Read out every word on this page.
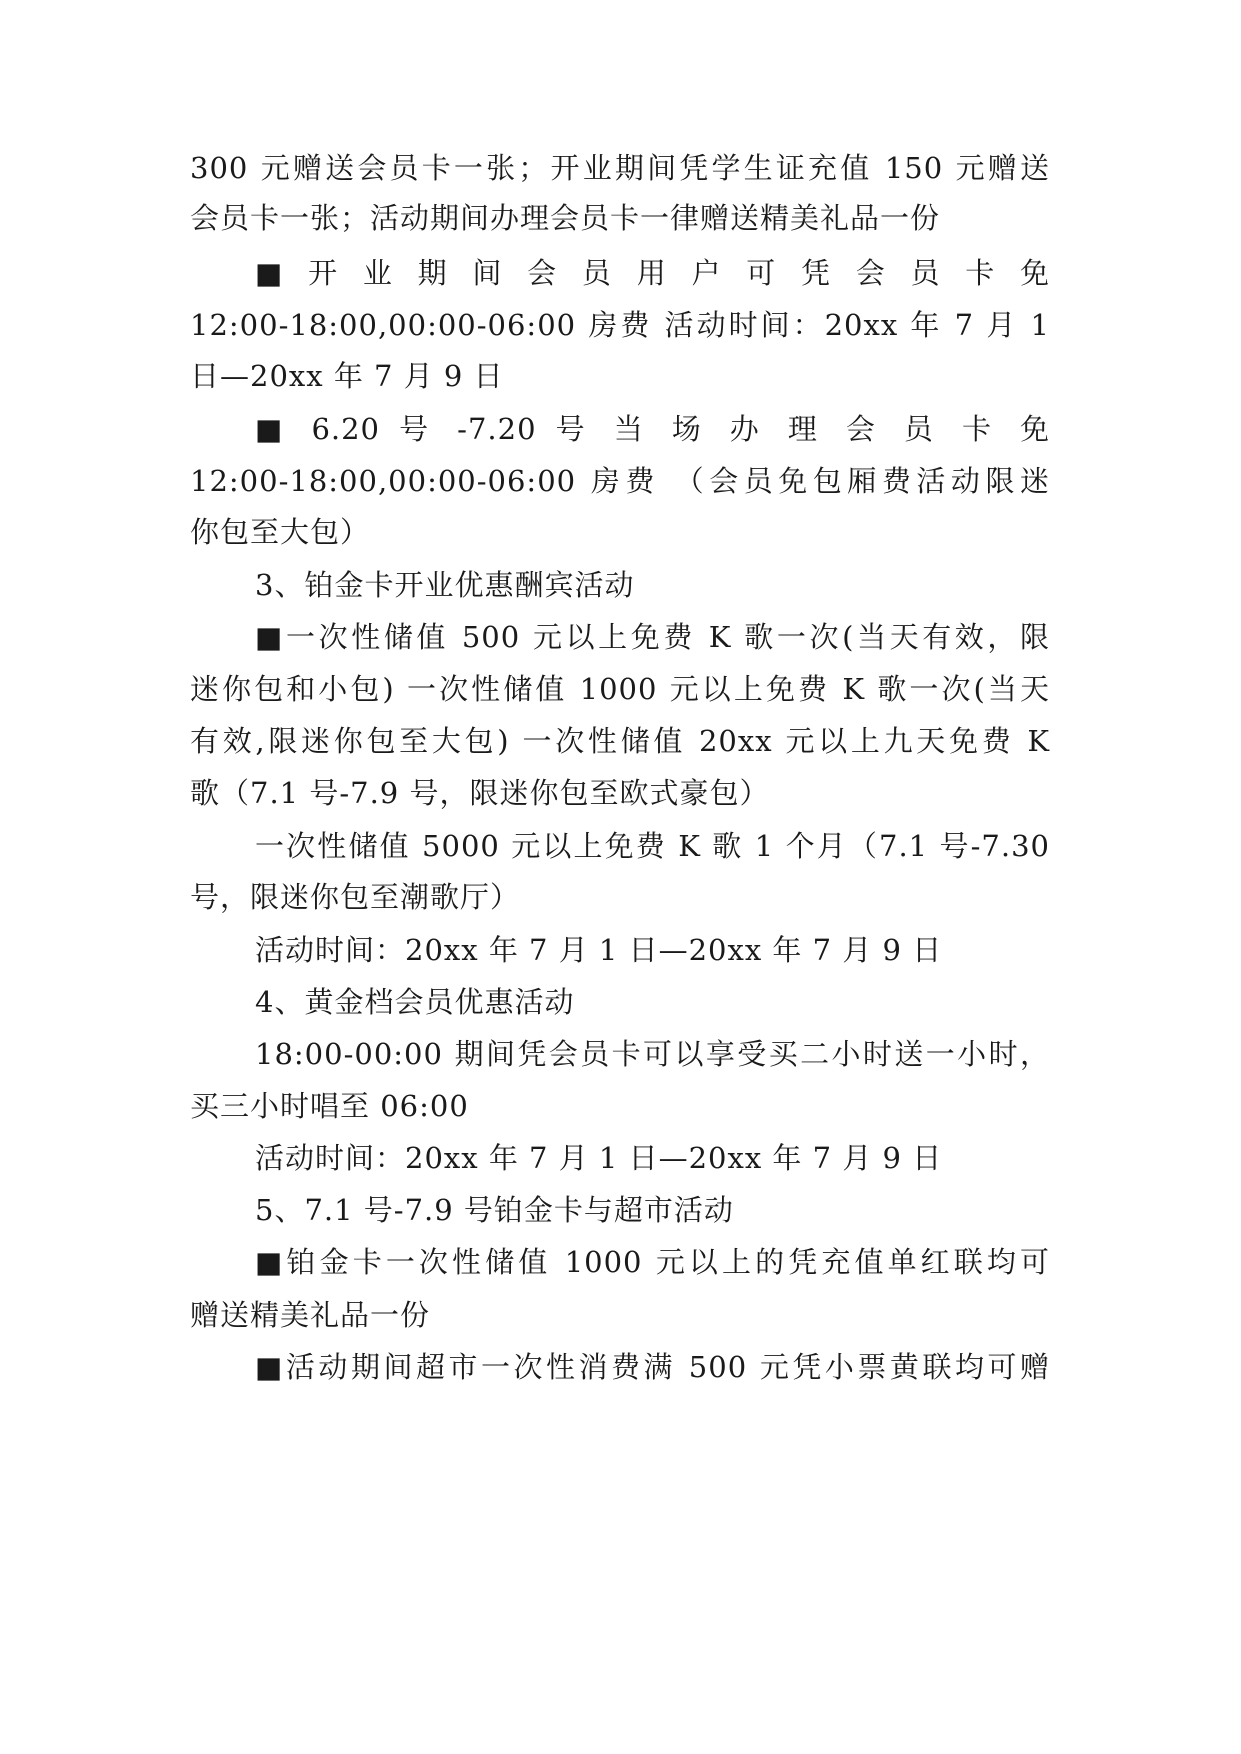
300 元赠送会员卡一张；开业期间凭学生证充值 150 元赠送
会员卡一张；活动期间办理会员卡一律赠送精美礼品一份
■ 开 业 期 间 会 员 用 户 可 凭 会 员 卡 免
12:00-18:00,00:00-06:00 房费 活动时间：20xx 年 7 月 1
日—20xx 年 7 月 9 日
■ 6.20 号 -7.20 号 当 场 办 理 会 员 卡 免
12:00-18:00,00:00-06:00 房费 （会员免包厢费活动限迷
你包至大包）
3、铂金卡开业优惠酬宾活动
■一次性储值 500 元以上免费 K 歌一次(当天有效，限
迷你包和小包) 一次性储值 1000 元以上免费 K 歌一次(当天
有效,限迷你包至大包) 一次性储值 20xx 元以上九天免费 K
歌（7.1 号-7.9 号，限迷你包至欧式豪包）
一次性储值 5000 元以上免费 K 歌 1 个月（7.1 号-7.30
号，限迷你包至潮歌厅）
活动时间：20xx 年 7 月 1 日—20xx 年 7 月 9 日
4、黄金档会员优惠活动
18:00-00:00 期间凭会员卡可以享受买二小时送一小时，
买三小时唱至 06:00
活动时间：20xx 年 7 月 1 日—20xx 年 7 月 9 日
5、7.1 号-7.9 号铂金卡与超市活动
■铂金卡一次性储值 1000 元以上的凭充值单红联均可
赠送精美礼品一份
■活动期间超市一次性消费满 500 元凭小票黄联均可赠
